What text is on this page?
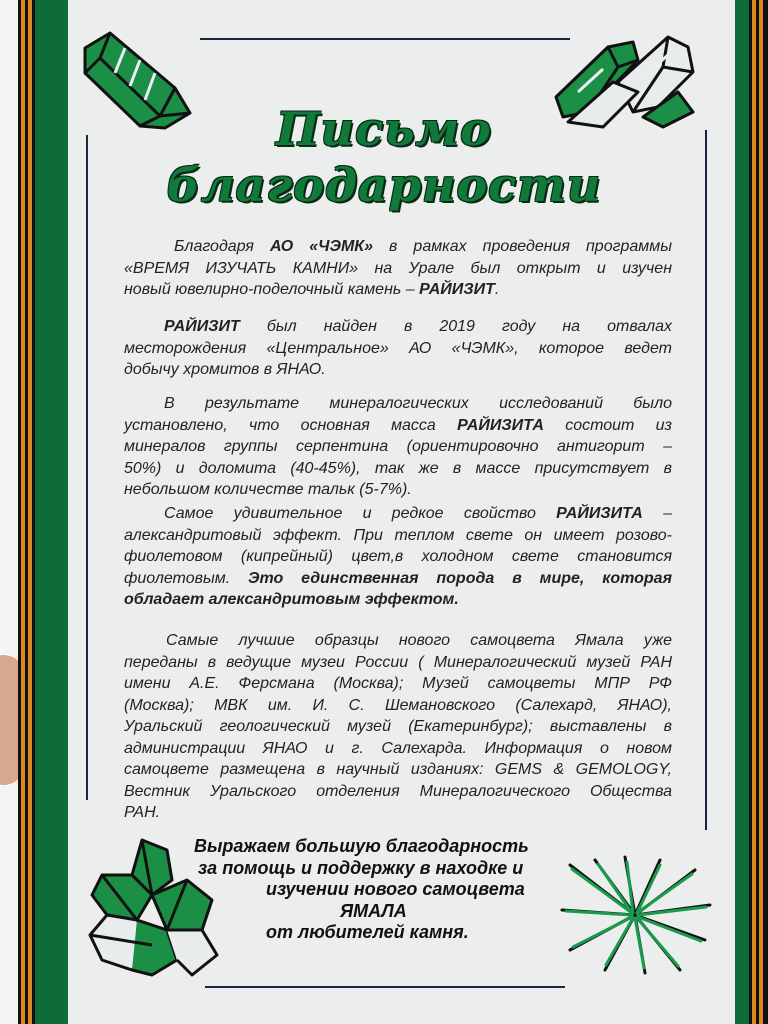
Письмо
благодарности
Благодаря АО «ЧЭМК» в рамках проведения программы
«ВРЕМЯ ИЗУЧАТЬ КАМНИ» на Урале был открыт и изучен
новый ювелирно-поделочный камень – РАЙИЗИТ.
РАЙИЗИТ был найден в 2019 году на отвалах
месторождения «Центральное» АО «ЧЭМК», которое ведет
добычу хромитов в ЯНАО.
В результате минералогических исследований было
установлено, что основная масса РАЙИЗИТА состоит из
минералов группы серпентина (ориентировочно антигорит –
50%) и доломита (40-45%), так же в массе присутствует в
небольшом количестве тальк (5-7%).
Самое удивительное и редкое свойство РАЙИЗИТА –
александритовый эффект. При теплом свете он имеет розово-
фиолетовом (кипрейный) цвет,в холодном свете становится
фиолетовым. Это единственная порода в мире, которая
обладает александритовым эффектом.
Самые лучшие образцы нового самоцвета Ямала уже
переданы в ведущие музеи России ( Минералогический музей РАН
имени А.Е. Ферсмана (Москва); Музей самоцветы МПР РФ
(Москва); МВК им. И. С. Шемановского (Салехард, ЯНАО),
Уральский геологический музей (Екатеринбург); выставлены в
администрации ЯНАО и г. Салехарда. Информация о новом
самоцвете размещена в научный изданиях: GEMS & GEMOLOGY,
Вестник Уральского отделения Минералогического Общества
РАН.
Выражаем большую благодарность
за помощь и поддержку в находке и
изучении нового самоцвета
ЯМАЛА
от любителей камня.
